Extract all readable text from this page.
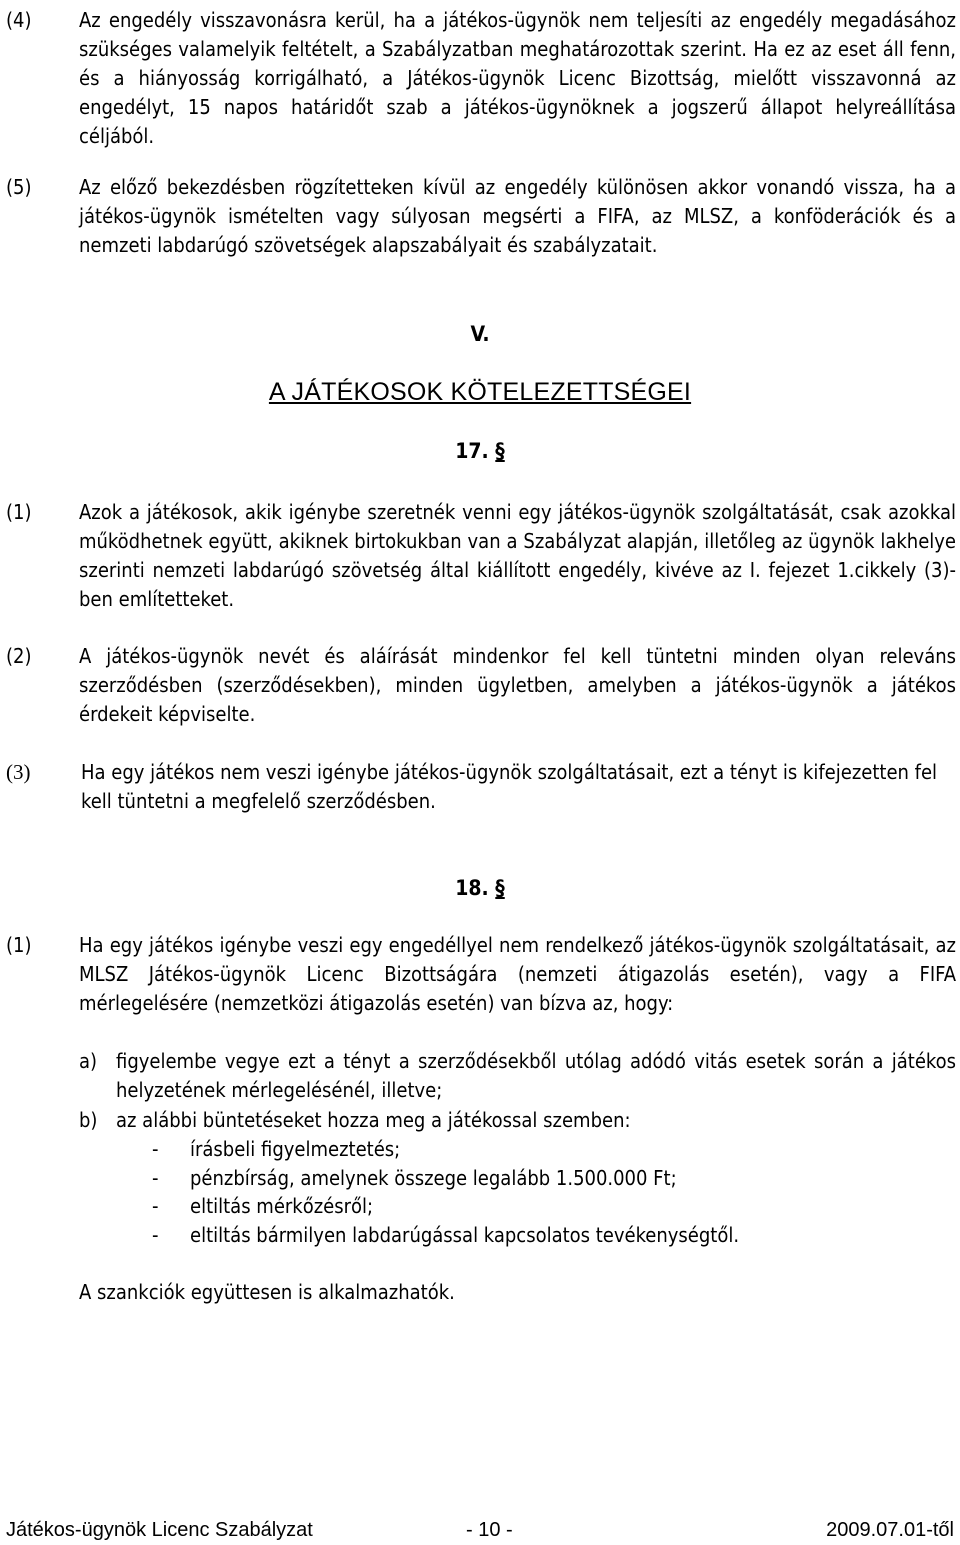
(4) Az engedély visszavonásra kerül, ha a játékos-ügynök nem teljesíti az engedély megadásához szükséges valamelyik feltételt, a Szabályzatban meghatározottak szerint. Ha ez az eset áll fenn, és a hiányosság korrigálható, a Játékos-ügynök Licenc Bizottság, mielőtt visszavonná az engedélyt, 15 napos határidőt szab a játékos-ügynöknek a jogszerű állapot helyreállítása céljából.
(5) Az előző bekezdésben rögzítetteken kívül az engedély különösen akkor vonandó vissza, ha a játékos-ügynök ismételten vagy súlyosan megsérti a FIFA, az MLSZ, a konföderációk és a nemzeti labdarúgó szövetségek alapszabályait és szabályzatait.
V.
A JÁTÉKOSOK KÖTELEZETTSÉGEI
17. §
(1) Azok a játékosok, akik igénybe szeretnék venni egy játékos-ügynök szolgáltatását, csak azokkal működhetnek együtt, akiknek birtokukban van a Szabályzat alapján, illetőleg az ügynök lakhelye szerinti nemzeti labdarúgó szövetség által kiállított engedély, kivéve az I. fejezet 1.cikkely (3)-ben említetteket.
(2) A játékos-ügynök nevét és aláírását mindenkor fel kell tüntetni minden olyan releváns szerződésben (szerződésekben), minden ügyletben, amelyben a játékos-ügynök a játékos érdekeit képviselte.
(3)	Ha egy játékos nem veszi igénybe játékos-ügynök szolgáltatásait, ezt a tényt is kifejezetten fel kell tüntetni a megfelelő szerződésben.
18. §
(1) Ha egy játékos igénybe veszi egy engedéllyel nem rendelkező játékos-ügynök szolgáltatásait, az MLSZ Játékos-ügynök Licenc Bizottságára (nemzeti átigazolás esetén), vagy a FIFA mérlegelésére (nemzetközi átigazolás esetén) van bízva az, hogy:
a) figyelembe vegye ezt a tényt a szerződésekből utólag adódó vitás esetek során a játékos helyzetének mérlegelésénél, illetve;
b) az alábbi büntetéseket hozza meg a játékossal szemben:
- írásbeli figyelmeztetés;
- pénzbírság, amelynek összege legalább 1.500.000 Ft;
- eltiltás mérkőzésről;
- eltiltás bármilyen labdarúgással kapcsolatos tevékenységtől.
A szankciók együttesen is alkalmazhatók.
Játékos-ügynök Licenc Szabályzat	- 10 -	2009.07.01-től
